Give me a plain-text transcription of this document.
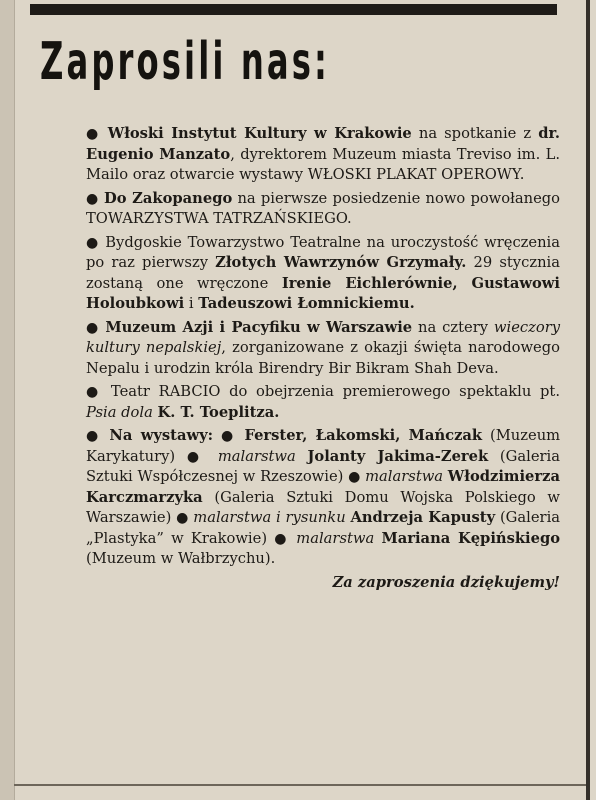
Zaprosili nas:

● Włoski Instytut Kultury w Krakowie na spotkanie z dr. Eugenio Manzato, dyrektorem Muzeum miasta Treviso im. L. Mailo oraz otwarcie wystawy WŁOSKI PLAKAT OPEROWY.

● Do Zakopanego na pierwsze posiedzenie nowo powołanego TOWARZYSTWA TATRZAŃSKIEGO.

● Bydgoskie Towarzystwo Teatralne na uroczystość wręczenia po raz pierwszy Złotych Wawrzynów Grzymały. 29 stycznia zostaną one wręczone Irenie Eichlerównie, Gustawowi Holoubkowi i Tadeuszowi Łomnickiemu.

● Muzeum Azji i Pacyfiku w Warszawie na cztery wieczory kultury nepalskiej, zorganizowane z okazji święta narodowego Nepalu i urodzin króla Birendry Bir Bikram Shah Deva.

● Teatr RABCIO do obejrzenia premierowego spektaklu pt. Psia dola K. T. Toeplitza.

● Na wystawy: ● Ferster, Łakomski, Mańczak (Muzeum Karykatury) ● malarstwa Jolanty Jakima-Zerek (Galeria Sztuki Współczesnej w Rzeszowie) ● malarstwa Włodzimierza Karczmarzyka (Galeria Sztuki Domu Wojska Polskiego w Warszawie) ● malarstwa i rysunku Andrzeja Kapusty (Galeria „Plastyka” w Krakowie) ● malarstwa Mariana Kępińskiego (Muzeum w Wałbrzychu).

Za zaproszenia dziękujemy!
